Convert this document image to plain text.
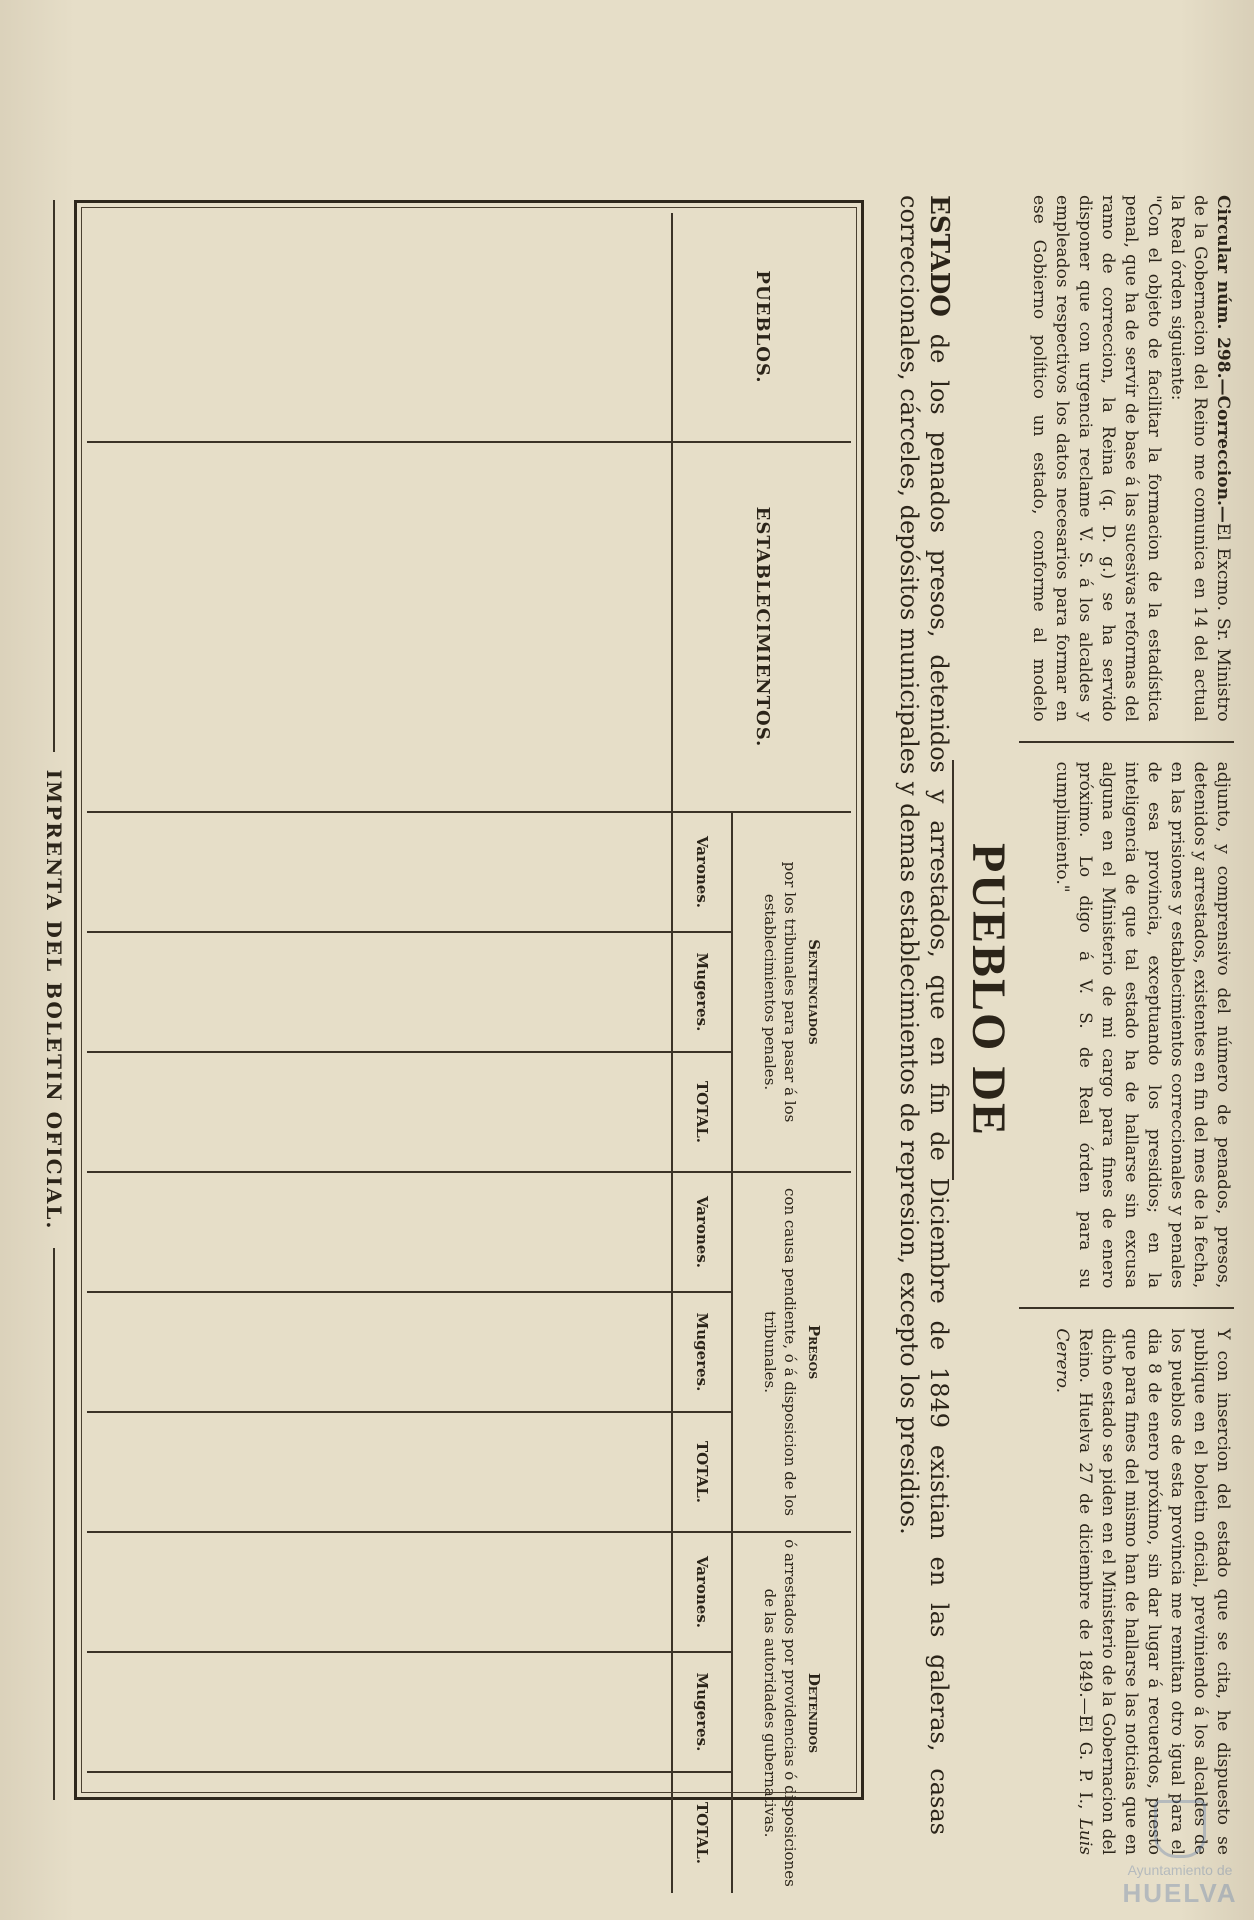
Circular núm. 298.—Correccion.—El Excmo. Sr. Ministro de la Gobernacion del Reino me comunica en 14 del actual la Real órden siguiente:

"Con el objeto de facilitar la formacion de la estadística penal, que ha de servir de base á las sucesivas reformas del ramo de correccion, la Reina (q. D. g.) se ha servido disponer que con urgencia reclame V. S. á los alcaldes y empleados respectivos los datos necesarios para formar en ese Gobierno político un estado, conforme al modelo adjunto, y comprensivo del número de penados, presos, detenidos y arrestados, existentes en fin del mes de la fecha, en las prisiones y establecimientos correccionales y penales de esa provincia, exceptuando los presidios; en la inteligencia de que tal estado ha de hallarse sin excusa alguna en el Ministerio de mi cargo para fines de enero próximo. Lo digo á V. S. de Real órden para su cumplimiento."

Y con insercion del estado que se cita, he dispuesto se publique en el boletin oficial, previniendo á los alcaldes de los pueblos de esta provincia me remitan otro igual para el dia 8 de enero próximo, sin dar lugar á recuerdos, puesto que para fines del mismo han de hallarse las noticias que en dicho estado se piden en el Ministerio de la Gobernacion del Reino. Huelva 27 de diciembre de 1849.—El G. P. I., Luis Cerero.

PUEBLO DE
ESTADO de los penados presos, detenidos y arrestados, que en fin de Diciembre de 1849 existian en las galeras, casas correccionales, cárceles, depósitos municipales y demas establecimientos de represion, excepto los presidios.
PUEBLOS.
ESTABLECIMIENTOS.
Sentenciados
por los tribunales para pasar á los establecimientos penales.
Presos
con causa pendiente, ó á disposicion de los tribunales.
Detenidos
ó arrestados por providencias ó disposiciones de las autoridades gubernativas.
Varones.
Mugeres.
TOTAL.
Varones.
Mugeres.
TOTAL.
Varones.
Mugeres.
TOTAL.
IMPRENTA DEL BOLETIN OFICIAL.
Ayuntamiento de
HUELVA
